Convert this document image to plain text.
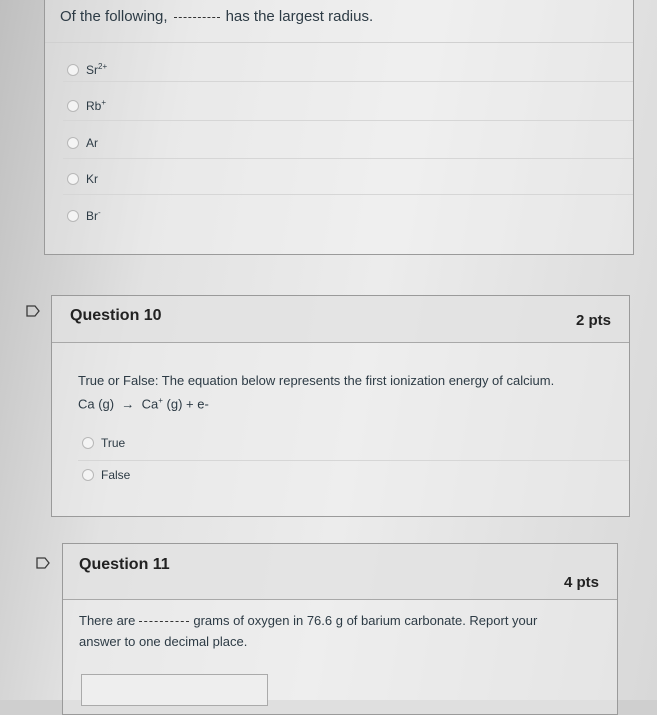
Of the following,	has the largest radius.
$Sr^{2+}$
Rb+
Ar
Kr
Br-
Question 10	2 pts
True or False: The equation below represents the first ionization energy of calcium.
Ca (g) → Ca+ (g) + e-
True
False
Question 11
4 pts
There are	grams of oxygen in 76.6 g of barium carbonate. Report your answer to one decimal place.
